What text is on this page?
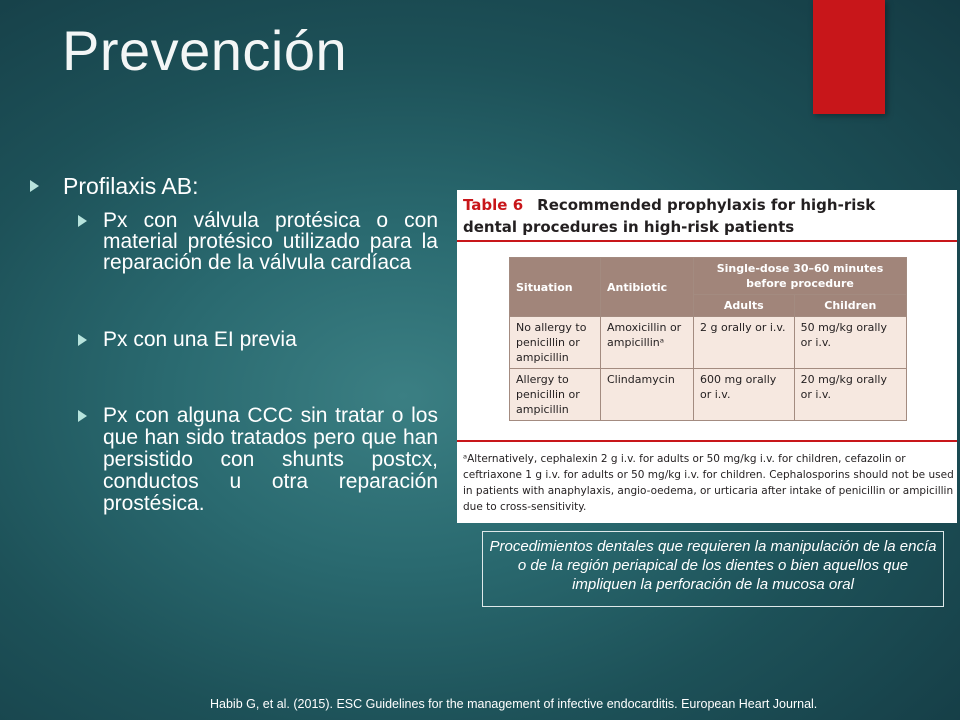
Prevención
Profilaxis AB:
Px con válvula protésica o con material protésico utilizado para la reparación de la válvula cardíaca
Px con una EI previa
Px con alguna CCC sin tratar o los que han sido tratados pero que han persistido con shunts postcx, conductos u otra reparación prostésica.
Table 6 Recommended prophylaxis for high-risk
dental procedures in high-risk patients
Situation	Antibiotic	Single-dose 30–60 minutes before procedure	
		Adults	Children
No allergy to penicillin or ampicillin	Amoxicillin or ampicillinᵃ	2 g orally or i.v.	50 mg/kg orally or i.v.
Allergy to penicillin or ampicillin	Clindamycin	600 mg orally or i.v.	20 mg/kg orally or i.v.
ᵃAlternatively, cephalexin 2 g i.v. for adults or 50 mg/kg i.v. for children, cefazolin or ceftriaxone 1 g i.v. for adults or 50 mg/kg i.v. for children. Cephalosporins should not be used in patients with anaphylaxis, angio-oedema, or urticaria after intake of penicillin or ampicillin due to cross-sensitivity.
Procedimientos dentales que requieren la manipulación de la encía o de la región periapical de los dientes o bien aquellos que impliquen la perforación de la mucosa oral
Habib G, et al. (2015). ESC Guidelines for the management of infective endocarditis. European Heart Journal.
